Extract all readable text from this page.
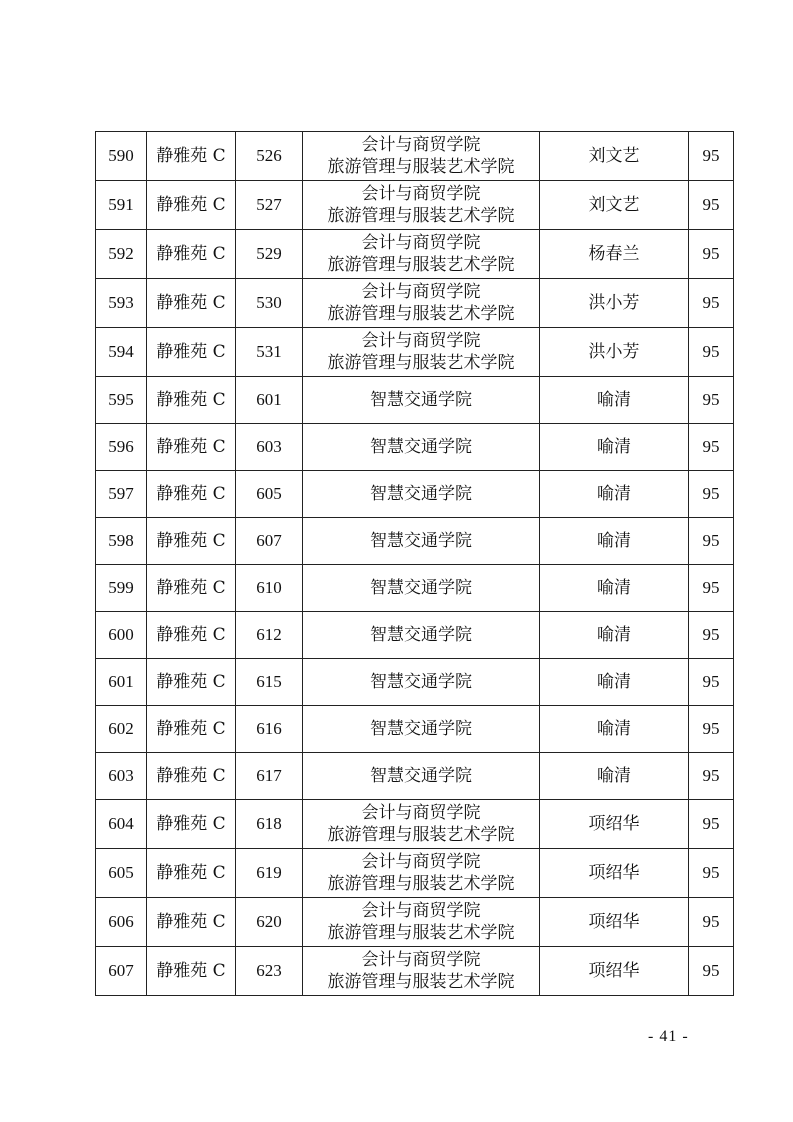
590	静雅苑 C	526	会计与商贸学院
旅游管理与服装艺术学院	刘文艺	95
591	静雅苑 C	527	会计与商贸学院
旅游管理与服装艺术学院	刘文艺	95
592	静雅苑 C	529	会计与商贸学院
旅游管理与服装艺术学院	杨春兰	95
593	静雅苑 C	530	会计与商贸学院
旅游管理与服装艺术学院	洪小芳	95
594	静雅苑 C	531	会计与商贸学院
旅游管理与服装艺术学院	洪小芳	95
595	静雅苑 C	601	智慧交通学院	喻清	95
596	静雅苑 C	603	智慧交通学院	喻清	95
597	静雅苑 C	605	智慧交通学院	喻清	95
598	静雅苑 C	607	智慧交通学院	喻清	95
599	静雅苑 C	610	智慧交通学院	喻清	95
600	静雅苑 C	612	智慧交通学院	喻清	95
601	静雅苑 C	615	智慧交通学院	喻清	95
602	静雅苑 C	616	智慧交通学院	喻清	95
603	静雅苑 C	617	智慧交通学院	喻清	95
604	静雅苑 C	618	会计与商贸学院
旅游管理与服装艺术学院	项绍华	95
605	静雅苑 C	619	会计与商贸学院
旅游管理与服装艺术学院	项绍华	95
606	静雅苑 C	620	会计与商贸学院
旅游管理与服装艺术学院	项绍华	95
607	静雅苑 C	623	会计与商贸学院
旅游管理与服装艺术学院	项绍华	95
- 41 -
